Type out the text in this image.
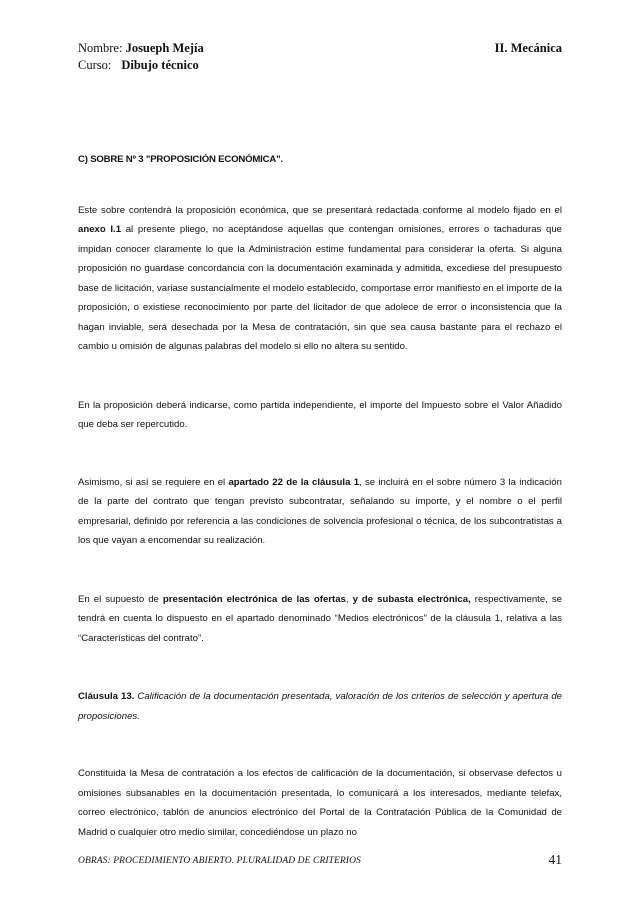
Nombre:
Josueph Mejía
Curso: Dibujo técnico
II. Mecánica

C) SOBRE Nº 3 "PROPOSICIÓN ECONÓMICA".

Este sobre contendrá la proposición económica, que se presentará redactada conforme al modelo fijado en el anexo I.1 al presente pliego, no aceptándose aquellas que contengan omisiones, errores o tachaduras que impidan conocer claramente lo que la Administración estime fundamental para considerar la oferta. Si alguna proposición no guardase concordancia con la documentación examinada y admitida, excediese del presupuesto base de licitación, variase sustancialmente el modelo establecido, comportase error manifiesto en el importe de la proposición, o existiese reconocimiento por parte del licitador de que adolece de error o inconsistencia que la hagan inviable, será desechada por la Mesa de contratación, sin que sea causa bastante para el rechazo el cambio u omisión de algunas palabras del modelo si ello no altera su sentido.

En la proposición deberá indicarse, como partida independiente, el importe del Impuesto sobre el Valor Añadido que deba ser repercutido.

Asimismo, si así se requiere en el apartado 22 de la cláusula 1, se incluirá en el sobre número 3 la indicación de la parte del contrato que tengan previsto subcontratar, señalando su importe, y el nombre o el perfil empresarial, definido por referencia a las condiciones de solvencia profesional o técnica, de los subcontratistas a los que vayan a encomendar su realización.

En el supuesto de presentación electrónica de las ofertas, y de subasta electrónica, respectivamente, se tendrá en cuenta lo dispuesto en el apartado denominado “Medios electrónicos” de la cláusula 1, relativa a las “Características del contrato”.

Cláusula 13. Calificación de la documentación presentada, valoración de los criterios de selección y apertura de proposiciones.

Constituida la Mesa de contratación a los efectos de calificación de la documentación, si observase defectos u omisiones subsanables en la documentación presentada, lo comunicará a los interesados, mediante telefax, correo electrónico, tablón de anuncios electrónico del Portal de la Contratación Pública de la Comunidad de Madrid o cualquier otro medio similar, concediéndose un plazo no

OBRAS: PROCEDIMIENTO ABIERTO. PLURALIDAD DE CRITERIOS	41
